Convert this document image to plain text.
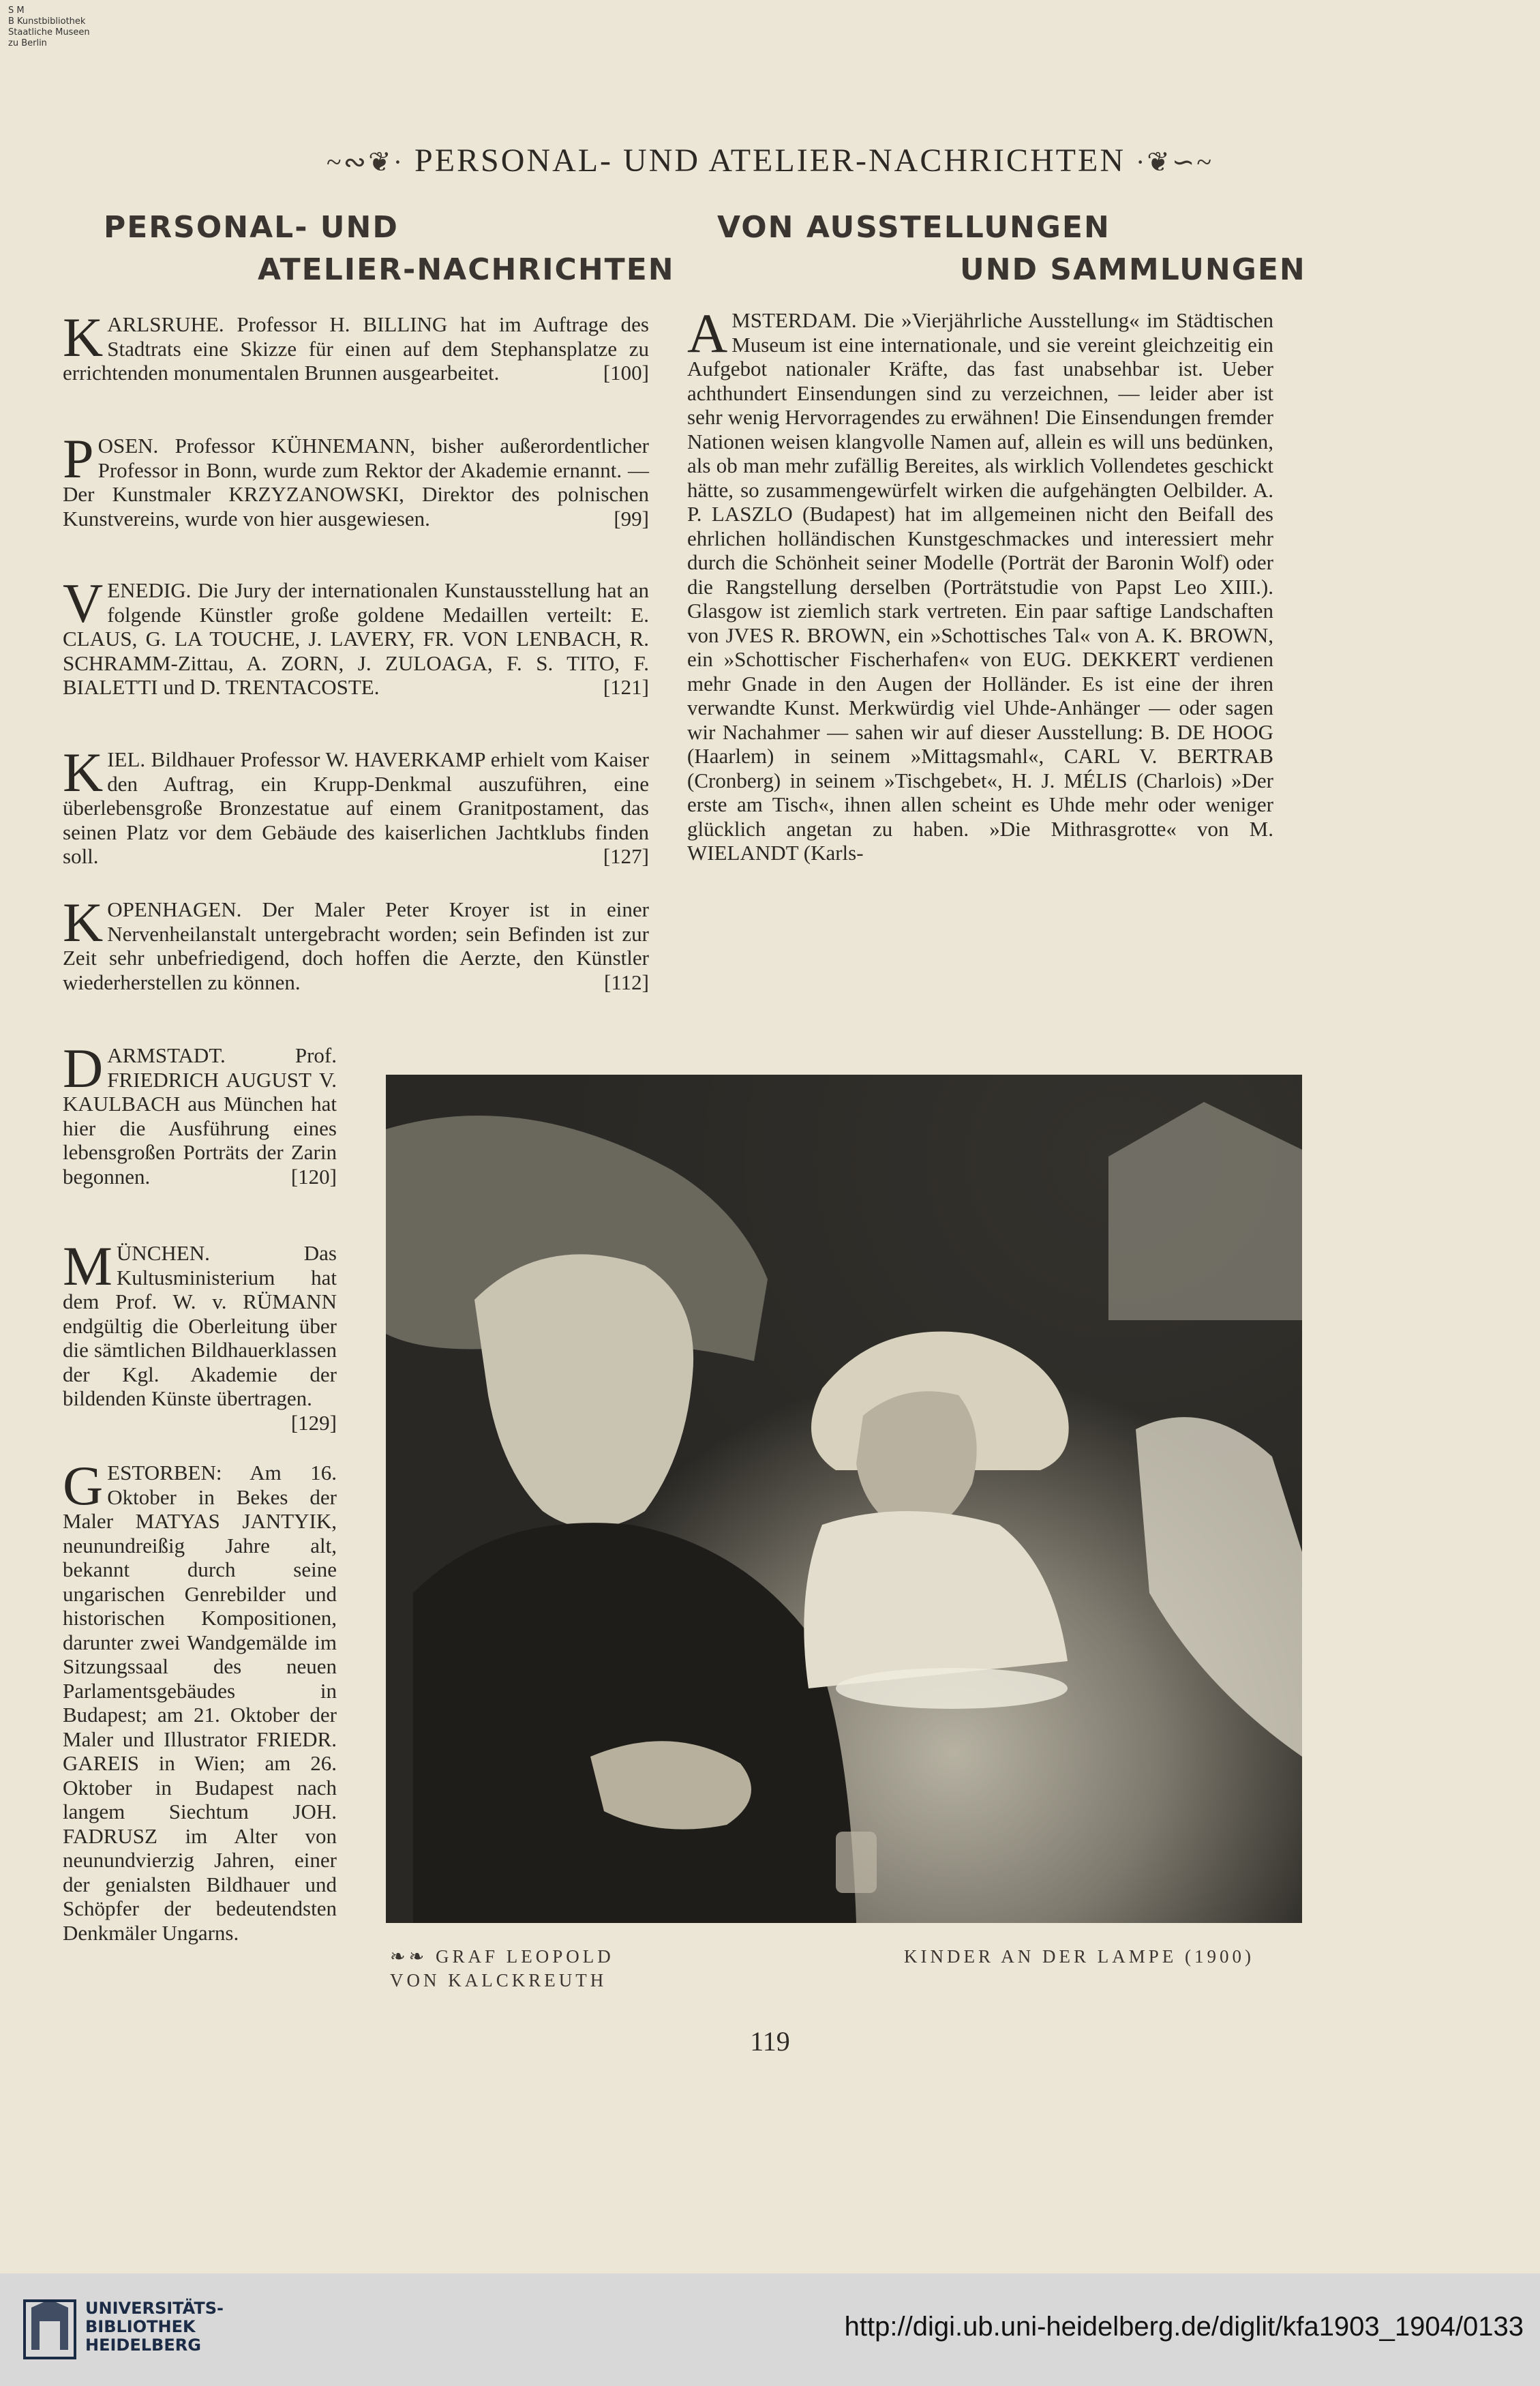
S M
B Kunstbibliothek
Staatliche Museen
zu Berlin
~∾❦· PERSONAL- UND ATELIER-NACHRICHTEN ·❦∽~
PERSONAL- UND
ATELIER-NACHRICHTEN
K ARLSRUHE. Professor H. BILLING hat im Auftrage des Stadtrats eine Skizze für einen auf dem Stephansplatze zu errichtenden monumentalen Brunnen ausgearbeitet.	[100]
P OSEN. Professor KÜHNEMANN, bisher außerordentlicher Professor in Bonn, wurde zum Rektor der Akademie ernannt. — Der Kunstmaler KRZYZANOWSKI, Direktor des polnischen Kunstvereins, wurde von hier ausgewiesen.	[99]
V ENEDIG. Die Jury der internationalen Kunstausstellung hat an folgende Künstler große goldene Medaillen verteilt: E. CLAUS, G. LA TOUCHE, J. LAVERY, FR. VON LENBACH, R. SCHRAMM-Zittau, A. ZORN, J. ZULOAGA, F. S. TITO, F. BIALETTI und D. TRENTACOSTE.	[121]
K IEL. Bildhauer Professor W. HAVERKAMP erhielt vom Kaiser den Auftrag, ein Krupp-Denkmal auszuführen, eine überlebensgroße Bronzestatue auf einem Granitpostament, das seinen Platz vor dem Gebäude des kaiserlichen Jachtklubs finden soll.	[127]
K OPENHAGEN. Der Maler Peter Kroyer ist in einer Nervenheilanstalt untergebracht worden; sein Befinden ist zur Zeit sehr unbefriedigend, doch hoffen die Aerzte, den Künstler wiederherstellen zu können.	[112]
D ARMSTADT. Prof. FRIEDRICH AUGUST V. KAULBACH aus München hat hier die Ausführung eines lebensgroßen Porträts der Zarin begonnen.	[120]
M ÜNCHEN. Das Kultusministerium hat dem Prof. W. v. RÜMANN endgültig die Oberleitung über die sämtlichen Bildhauerklassen der Kgl. Akademie der bildenden Künste übertragen.
[129]
G ESTORBEN: Am 16. Oktober in Bekes der Maler MATYAS JANTYIK, neunundreißig Jahre alt, bekannt durch seine ungarischen Genrebilder und historischen Kompositionen, darunter zwei Wandgemälde im Sitzungssaal des neuen Parlamentsgebäudes in Budapest; am 21. Oktober der Maler und Illustrator FRIEDR. GAREIS in Wien; am 26. Oktober in Budapest nach langem Siechtum JOH. FADRUSZ im Alter von neunundvierzig Jahren, einer der genialsten Bildhauer und Schöpfer der bedeutendsten Denkmäler Ungarns.
VON AUSSTELLUNGEN
UND SAMMLUNGEN
A MSTERDAM. Die »Vierjährliche Ausstellung« im Städtischen Museum ist eine internationale, und sie vereint gleichzeitig ein Aufgebot nationaler Kräfte, das fast unabsehbar ist. Ueber achthundert Einsendungen sind zu verzeichnen, — leider aber ist sehr wenig Hervorragendes zu erwähnen! Die Einsendungen fremder Nationen weisen klangvolle Namen auf, allein es will uns bedünken, als ob man mehr zufällig Bereites, als wirklich Vollendetes geschickt hätte, so zusammengewürfelt wirken die aufgehängten Oelbilder. A. P. LASZLO (Budapest) hat im allgemeinen nicht den Beifall des ehrlichen holländischen Kunstgeschmackes und interessiert mehr durch die Schönheit seiner Modelle (Porträt der Baronin Wolf) oder die Rangstellung derselben (Porträtstudie von Papst Leo XIII.). Glasgow ist ziemlich stark vertreten. Ein paar saftige Landschaften von JVES R. BROWN, ein »Schottisches Tal« von A. K. BROWN, ein »Schottischer Fischerhafen« von EUG. DEKKERT verdienen mehr Gnade in den Augen der Holländer. Es ist eine der ihren verwandte Kunst. Merkwürdig viel Uhde-Anhänger — oder sagen wir Nachahmer — sahen wir auf dieser Ausstellung: B. DE HOOG (Haarlem) in seinem »Mittagsmahl«, CARL V. BERTRAB (Cronberg) in seinem »Tischgebet«, H. J. MÉLIS (Charlois) »Der erste am Tisch«, ihnen allen scheint es Uhde mehr oder weniger glücklich angetan zu haben. »Die Mithrasgrotte« von M. WIELANDT (Karls-
❧❧ GRAF LEOPOLD
VON KALCKREUTH
KINDER AN DER LAMPE (1900)
119
UNIVERSITÄTS-
BIBLIOTHEK
HEIDELBERG
http://digi.ub.uni-heidelberg.de/diglit/kfa1903_1904/0133
